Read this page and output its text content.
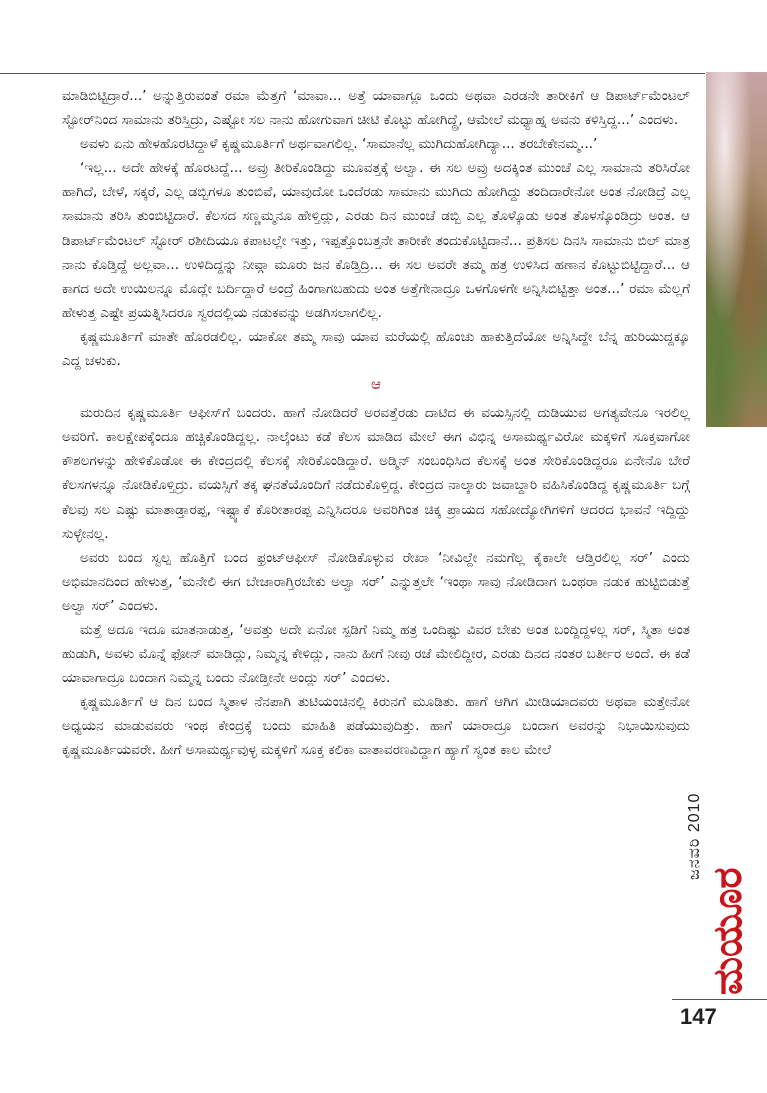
ಮಾಡಿಬಿಟ್ಟಿದ್ರಾರೆ...’ ಅನ್ನುತ್ತಿರುವಂತೆ ರಮಾ ಮೆತ್ತಗೆ ‘ಮಾವಾ... ಅತ್ತೆ ಯಾವಾಗ್ಲೂ ಒಂದು ಅಥವಾ ಎರಡನೇ ತಾರೀಕಿಗೆ ಆ ಡಿಪಾರ್ಟ್‌ಮೆಂಟಲ್ ಸ್ಟೋರ್‌ನಿಂದ ಸಾಮಾನು ತರಿಸ್ತಿದ್ರು, ಎಷ್ಟೋ ಸಲ ನಾನು ಹೋಗುವಾಗ ಚೀಟಿ ಕೊಟ್ಟು ಹೋಗಿದ್ದ್ರೆ, ಆಮೇಲೆ ಮಧ್ಯಾಹ್ನ ಅವನು ಕಳಿಸ್ತಿದ್ದ...’ ಎಂದಳು.

ಅವಳು ಏನು ಹೇಳಹೊರಟಿದ್ದಾಳೆ ಕೃಷ್ಣಮೂರ್ತಿಗೆ ಅರ್ಥವಾಗಲಿಲ್ಲ. ‘ಸಾಮಾನೆಲ್ಲ ಮುಗಿದುಹೋಗಿದ್ಯಾ... ತರಬೇಕೇನಮ್ಮ...’

‘ಇಲ್ಲ... ಅದೇ ಹೇಳಕ್ಕೆ ಹೊರಟದ್ದೆ... ಅವ್ರು ತೀರಿಕೊಂಡಿದ್ದು ಮೂವತ್ತಕ್ಕೆ ಅಲ್ವಾ. ಈ ಸಲ ಅವ್ರು ಅದಕ್ಕಿಂತ ಮುಂಚೆ ಎಲ್ಲ ಸಾಮಾನು ತರಿಸಿರೋ ಹಾಗಿದೆ, ಬೇಳೆ, ಸಕ್ಕರೆ, ಎಲ್ಲ ಡಬ್ಬಿಗಳೂ ತುಂಬಿವೆ, ಯಾವುದೋ ಒಂದೆರಡು ಸಾಮಾನು ಮುಗಿದು ಹೋಗಿದ್ದು ತಂದಿದಾರೇನೋ ಅಂತ ನೋಡಿದ್ರೆ ಎಲ್ಲ ಸಾಮಾನು ತರಿಸಿ ತುಂಬಿಟ್ಟಿದಾರೆ. ಕೆಲಸದ ಸಣ್ಣಮ್ಮನೂ ಹೇಳ್ತಿದ್ಲು, ಎರಡು ದಿನ ಮುಂಚೆ ಡಬ್ಬಿ ಎಲ್ಲ ತೊಳ್ಕೊಡು ಅಂತ ತೊಳಸ್ಕೊಂಡಿದ್ರು ಅಂತ. ಆ ಡಿಪಾರ್ಟ್‌ಮೆಂಟಲ್ ಸ್ಟೋರ್ ರಶೀದಿಯೂ ಕಪಾಟಲ್ಲೇ ಇತ್ತು, ಇಪ್ಪತ್ತೊಂಬತ್ತನೇ ತಾರೀಕೇ ತಂದುಕೊಟ್ಟಿದಾನೆ... ಪ್ರತಿಸಲ ದಿನಸಿ ಸಾಮಾನು ಬಿಲ್ ಮಾತ್ರ ನಾನು ಕೊಡ್ತಿದ್ದೆ ಅಲ್ಲವಾ... ಉಳಿದಿದ್ದನ್ನು ನೀವ್ಗಾ ಮೂರು ಜನ ಕೊಡ್ತಿದ್ರಿ... ಈ ಸಲ ಅವರೇ ತಮ್ಮ ಹತ್ರ ಉಳಿಸಿದ ಹಣಾನ ಕೊಟ್ಟುಬಿಟ್ಟಿದ್ದಾರೆ... ಆ ಕಾಗದ ಅದೇ ಉಯಿಲನ್ನೂ ಮೊದ್ಲೇ ಬರ್ದಿದ್ದಾರೆ ಅಂದ್ರೆ ಹಿಂಗಾಗಬಹುದು ಅಂತ ಅತ್ತೆಗೇನಾದ್ರೂ ಒಳಗೊಳಗೇ ಅನ್ನಿಸಿಬಿಟ್ಟಿತ್ತಾ ಅಂತ...’ ರಮಾ ಮೆಲ್ಲಗೆ ಹೇಳುತ್ತ ಎಷ್ಟೇ ಪ್ರಯತ್ನಿಸಿದರೂ ಸ್ವರದಲ್ಲಿಯ ನಡುಕವನ್ನು ಅಡಗಿಸಲಾಗಲಿಲ್ಲ.

ಕೃಷ್ಣಮೂರ್ತಿಗೆ ಮಾತೇ ಹೊರಡಲಿಲ್ಲ. ಯಾಕೋ ತಮ್ಮ ಸಾವು ಯಾವ ಮರೆಯಲ್ಲಿ ಹೊಂಚು ಹಾಕುತ್ತಿದೆಯೋ ಅನ್ನಿಸಿದ್ದೇ ಬೆನ್ನ ಹುರಿಯುದ್ದಕ್ಕೂ ಎದ್ದ ಚಳುಕು.

ಆ

ಮರುದಿನ ಕೃಷ್ಣಮೂರ್ತಿ ಆಫೀಸ್‌ಗೆ ಬಂದರು. ಹಾಗೆ ನೋಡಿದರೆ ಅರವತ್ತೆರಡು ದಾಟಿದ ಈ ವಯಸ್ಸಿನಲ್ಲಿ ದುಡಿಯುವ ಅಗತ್ಯವೇನೂ ಇರಲಿಲ್ಲ ಅವರಿಗೆ. ಕಾಲಕ್ಷೇಪಕ್ಕೆಂದೂ ಹಚ್ಚಿಕೊಂಡಿದ್ದಲ್ಲ. ನಾಲ್ಕೆಂಟು ಕಡೆ ಕೆಲಸ ಮಾಡಿದ ಮೇಲೆ ಈಗ ವಿಭಿನ್ನ ಅಸಾಮರ್ಥ್ಯವಿರೋ ಮಕ್ಕಳಿಗೆ ಸೂಕ್ತವಾಗೋ ಕೌಶಲಗಳನ್ನು ಹೇಳಿಕೊಡೋ ಈ ಕೇಂದ್ರದಲ್ಲಿ ಕೆಲಸಕ್ಕೆ ಸೇರಿಕೊಂಡಿದ್ದಾರೆ. ಅಡ್ಮಿನ್ ಸಂಬಂಧಿಸಿದ ಕೆಲಸಕ್ಕೆ ಅಂತ ಸೇರಿಕೊಂಡಿದ್ದರೂ ಏನೇನೊ ಬೇರೆ ಕೆಲಸಗಳನ್ನೂ ನೋಡಿಕೊಳ್ತಿದ್ರು. ವಯಸ್ಸಿಗೆ ತಕ್ಕ ಘನತೆಯೊಂದಿಗೆ ನಡೆದುಕೊಳ್ತಿದ್ದ. ಕೇಂದ್ರದ ನಾಲ್ಕಾರು ಜವಾಬ್ದಾರಿ ವಹಿಸಿಕೊಂಡಿದ್ದ ಕೃಷ್ಣಮೂರ್ತಿ ಬಗ್ಗೆ ಕೆಲವು ಸಲ ಎಷ್ಟು ಮಾತಾಡ್ತಾರಪ್ಪ, ಇಷ್ಟ್ಯಾಕೆ ಕೊರೀತಾರಪ್ಪ ಎನ್ನಿಸಿದರೂ ಅವರಿಗಿಂತ ಚಿಕ್ಕ ಪ್ರಾಯದ ಸಹೋದ್ಯೋಗಿಗಳಿಗೆ ಆದರದ ಭಾವನೆ ಇದ್ದಿದ್ದು ಸುಳ್ಳೇನಲ್ಲ.

ಅವರು ಬಂದ ಸ್ವಲ್ಪ ಹೊತ್ತಿಗೆ ಬಂದ ಫ್ರಂಟ್‌ಆಫೀಸ್ ನೋಡಿಕೊಳ್ಳುವ ರೇಖಾ ‘ನೀವಿಲ್ದೇ ನಮಗೆಲ್ಲ ಕೈಕಾಲೇ ಆಡ್ತಿರಲಿಲ್ಲ ಸರ್’ ಎಂದು ಅಭಿಮಾನದಿಂದ ಹೇಳುತ್ತ, ‘ಮನೇಲಿ ಈಗ ಬೇಜಾರಾಗ್ತಿರಬೇಕು ಅಲ್ವಾ ಸರ್’ ಎನ್ನುತ್ತಲೇ ‘ಇಂಥಾ ಸಾವು ನೋಡಿದಾಗ ಒಂಥರಾ ನಡುಕ ಹುಟ್ಟಿಬಿಡುತ್ತೆ ಅಲ್ವಾ ಸರ್’ ಎಂದಳು.

ಮತ್ತೆ ಅದೂ ಇದೂ ಮಾತನಾಡುತ್ತ, ‘ಅವತ್ತು ಅದೇ ಏನೋ ಸ್ಪಡಿಗೆ ನಿಮ್ಮ ಹತ್ರ ಒಂದಿಷ್ಟು ವಿವರ ಬೇಕು ಅಂತ ಬಂದ್ದಿದ್ದಳಲ್ಲ ಸರ್, ಸ್ಮಿತಾ ಅಂತ ಹುಡುಗಿ, ಅವಳು ಮೊನ್ನೆ ಫೋನ್ ಮಾಡಿದ್ಲು, ನಿಮ್ಮನ್ನ ಕೇಳಿದ್ಲು, ನಾನು ಹೀಗೆ ನೀವು ರಜೆ ಮೇಲಿದ್ದೀರ, ಎರಡು ದಿನದ ನಂತರ ಬರ್ತೀರ ಅಂದೆ. ಈ ಕಡೆ ಯಾವಾಗಾದ್ರೂ ಬಂದಾಗ ನಿಮ್ಮನ್ನ ಬಂದು ನೋಡ್ತೀನೇ ಅಂದ್ಲು ಸರ್’ ಎಂದಳು.

ಕೃಷ್ಣಮೂರ್ತಿಗೆ ಆ ದಿನ ಬಂದ ಸ್ಮಿತಾಳ ನೆನಪಾಗಿ ತುಟಿಯಂಚಿನಲ್ಲಿ ಕಿರುನಗೆ ಮೂಡಿತು. ಹಾಗೆ ಆಗಿಗ ಮೀಡಿಯಾದವರು ಅಥವಾ ಮತ್ತೇನೋ ಅಧ್ಯಯನ ಮಾಡುವವರು ಇಂಥ ಕೇಂದ್ರಕ್ಕೆ ಬಂದು ಮಾಹಿತಿ ಪಡೆಯುವುದಿತ್ತು. ಹಾಗೆ ಯಾರಾದ್ರೂ ಬಂದಾಗ ಅವರನ್ನು ನಿಭಾಯಿಸುವುದು ಕೃಷ್ಣಮೂರ್ತಿಯವರೇ. ಹೀಗೆ ಅಸಾಮರ್ಥ್ಯವುಳ್ಳ ಮಕ್ಕಳಿಗೆ ಸೂಕ್ತ ಕಲಿಕಾ ವಾತಾವರಣವಿದ್ದಾಗ ಹ್ಯಾಗೆ ಸ್ವಂತ ಕಾಲ ಮೇಲೆ

ಜನವರಿ 2010
ಮಯೂರ
147
